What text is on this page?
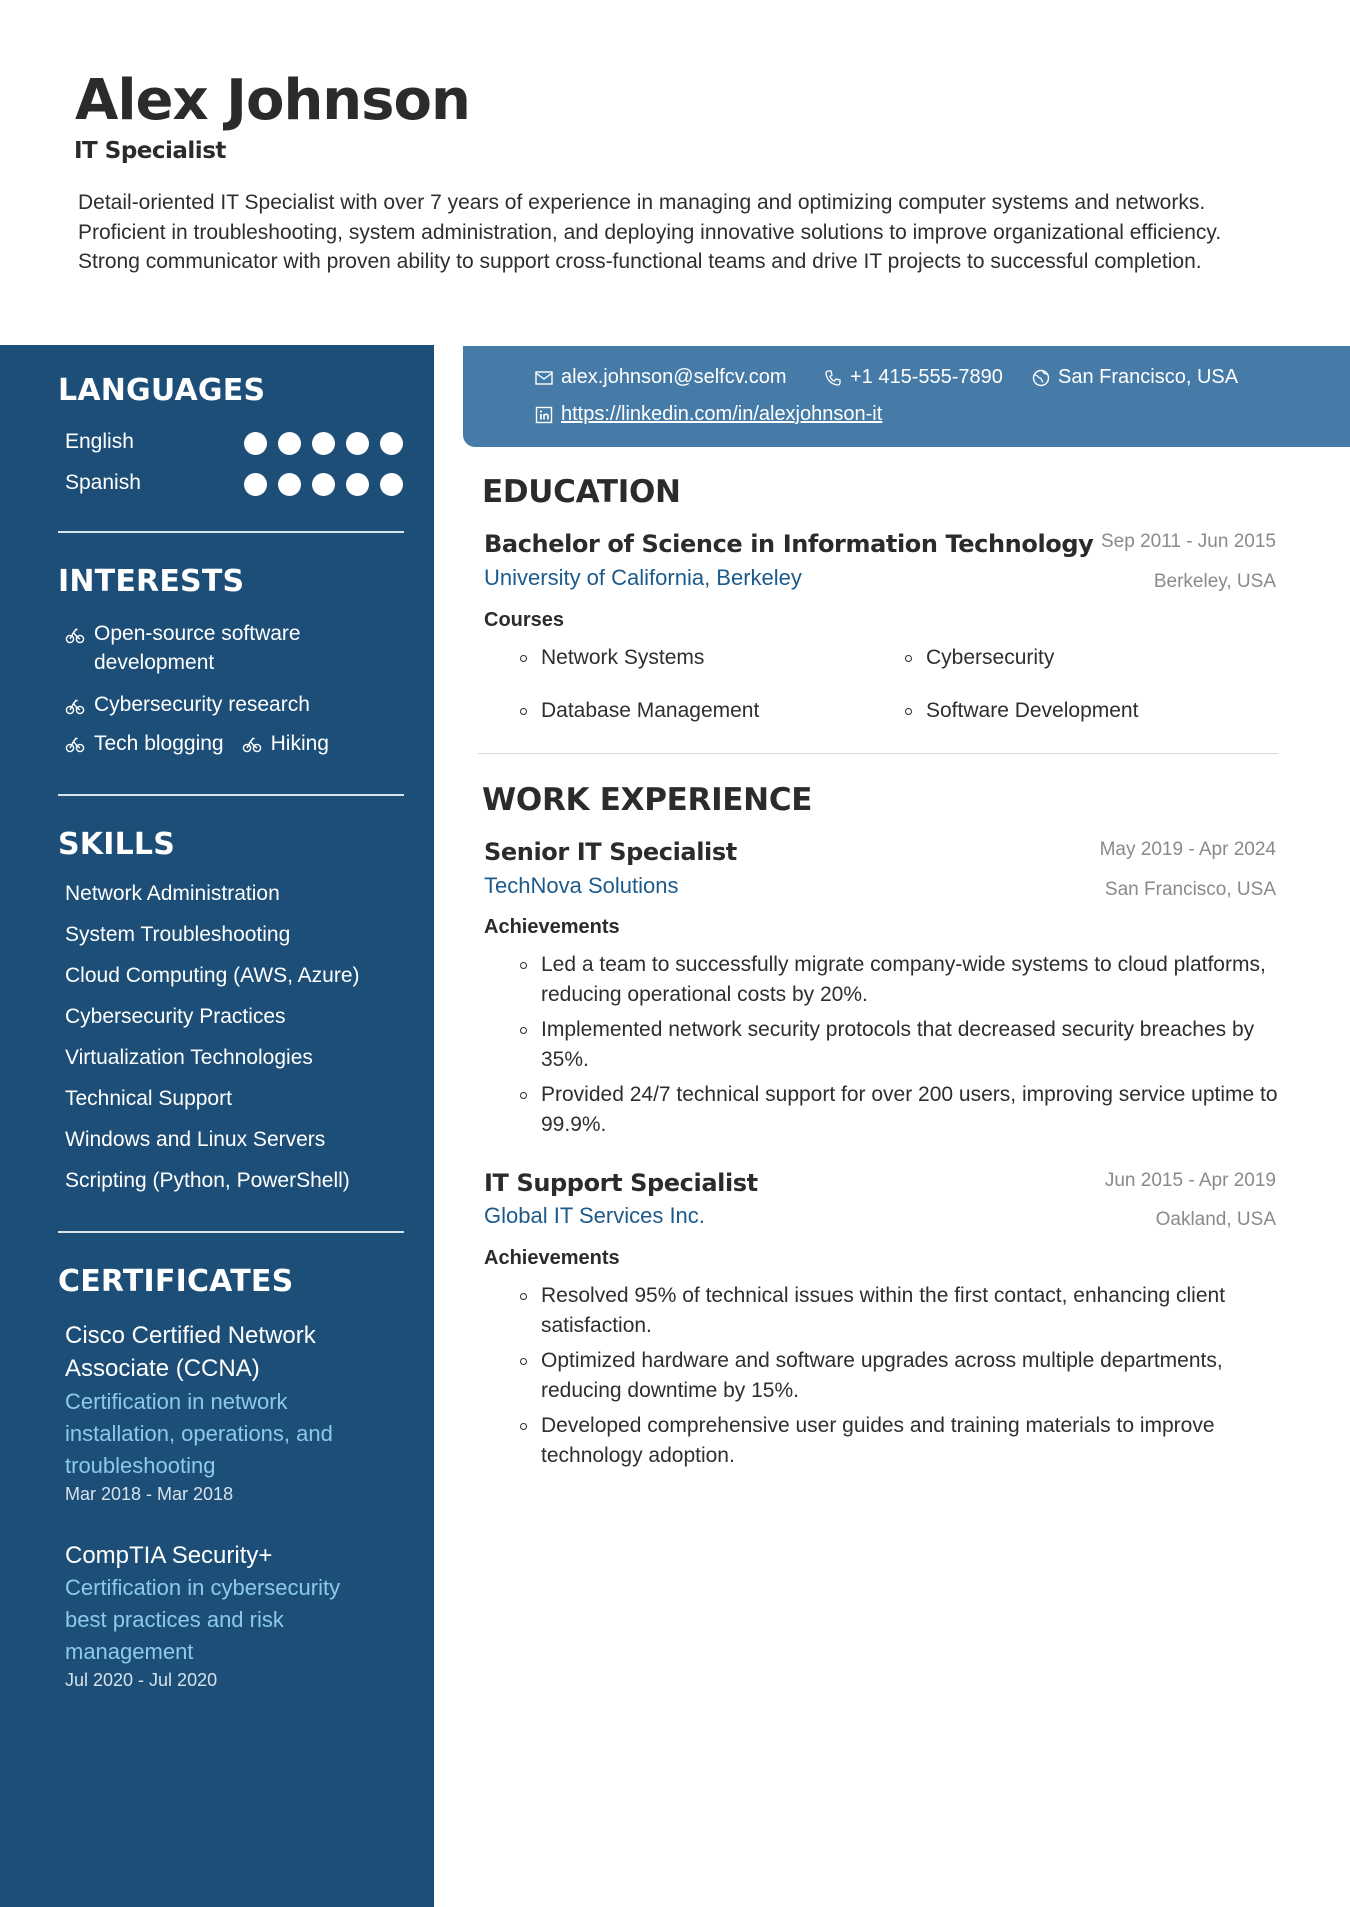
Alex Johnson
IT Specialist
Detail-oriented IT Specialist with over 7 years of experience in managing and optimizing computer systems and networks. Proficient in troubleshooting, system administration, and deploying innovative solutions to improve organizational efficiency. Strong communicator with proven ability to support cross-functional teams and drive IT projects to successful completion.
LANGUAGES
English
Spanish
INTERESTS
Open-source software development
Cybersecurity research
Tech blogging Hiking
SKILLS
Network Administration
System Troubleshooting
Cloud Computing (AWS, Azure)
Cybersecurity Practices
Virtualization Technologies
Technical Support
Windows and Linux Servers
Scripting (Python, PowerShell)
CERTIFICATES
Cisco Certified Network Associate (CCNA)
Certification in network installation, operations, and troubleshooting
Mar 2018 - Mar 2018
CompTIA Security+
Certification in cybersecurity best practices and risk management
Jul 2020 - Jul 2020
alex.johnson@selfcv.com	+1 415-555-7890	San Francisco, USA
https://linkedin.com/in/alexjohnson-it
EDUCATION
Bachelor of Science in Information Technology Sep 2011 - Jun 2015
University of California, Berkeley	Berkeley, USA
Courses
Network Systems	Cybersecurity
Database Management	Software Development
WORK EXPERIENCE
Senior IT Specialist	May 2019 - Apr 2024
TechNova Solutions	San Francisco, USA
Achievements
Led a team to successfully migrate company-wide systems to cloud platforms, reducing operational costs by 20%.
Implemented network security protocols that decreased security breaches by 35%.
Provided 24/7 technical support for over 200 users, improving service uptime to 99.9%.
IT Support Specialist	Jun 2015 - Apr 2019
Global IT Services Inc.	Oakland, USA
Achievements
Resolved 95% of technical issues within the first contact, enhancing client satisfaction.
Optimized hardware and software upgrades across multiple departments, reducing downtime by 15%.
Developed comprehensive user guides and training materials to improve technology adoption.
